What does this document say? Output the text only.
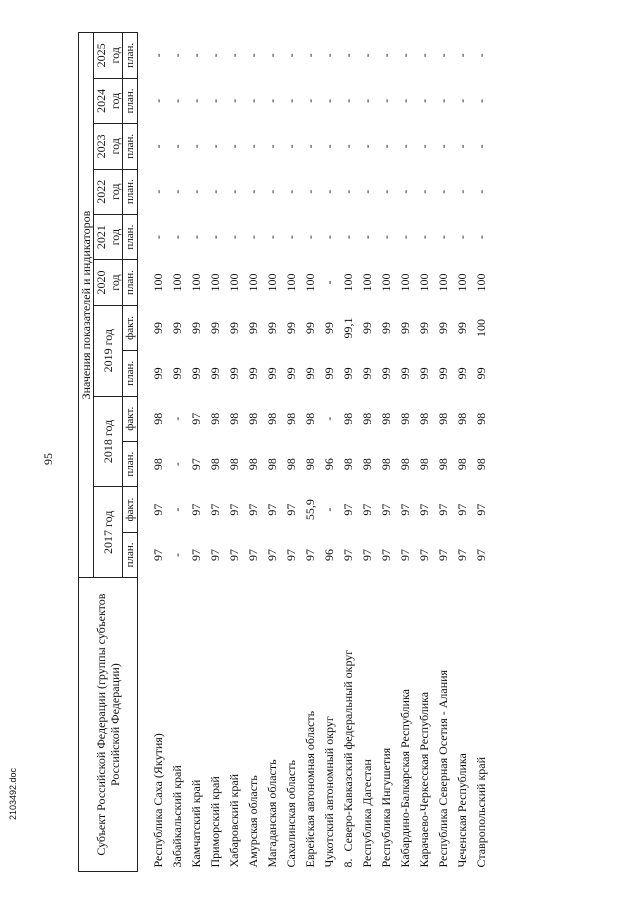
95
Субъект Российской Федерации (группы субъектов Российской Федерации)	Значения показателей и индикаторов											
	2017 год		2018 год		2019 год		2020 год	2021 год	2022 год	2023 год	2024 год	2025 год
	план.	факт.	план.	факт.	план.	факт.	план.	план.	план.	план.	план.	план.
Республика Саха (Якутия)	97	97	98	98	99	99	100	-	-	-	-	-
Забайкальский край	-	-	-	-	99	99	100	-	-	-	-	-
Камчатский край	97	97	97	97	99	99	100	-	-	-	-	-
Приморский край	97	97	98	98	99	99	100	-	-	-	-	-
Хабаровский край	97	97	98	98	99	99	100	-	-	-	-	-
Амурская область	97	97	98	98	99	99	100	-	-	-	-	-
Магаданская область	97	97	98	98	99	99	100	-	-	-	-	-
Сахалинская область	97	97	98	98	99	99	100	-	-	-	-	-
Еврейская автономная область	97	55,9	98	98	99	99	100	-	-	-	-	-
Чукотский автономный округ	96	-	96	-	99	99	-	-	-	-	-	-
8.Северо-Кавказский федеральный округ	97	97	98	98	99	99,1	100	-	-	-	-	-
Республика Дагестан	97	97	98	98	99	99	100	-	-	-	-	-
Республика Ингушетия	97	97	98	98	99	99	100	-	-	-	-	-
Кабардино-Балкарская Республика	97	97	98	98	99	99	100	-	-	-	-	-
Карачаево-Черкесская Республика	97	97	98	98	99	99	100	-	-	-	-	-
Республика Северная Осетия - Алания	97	97	98	98	99	99	100	-	-	-	-	-
Чеченская Республика	97	97	98	98	99	99	100	-	-	-	-	-
Ставропольский край	97	97	98	98	99	100	100	-	-	-	-	-
2103492.doc
